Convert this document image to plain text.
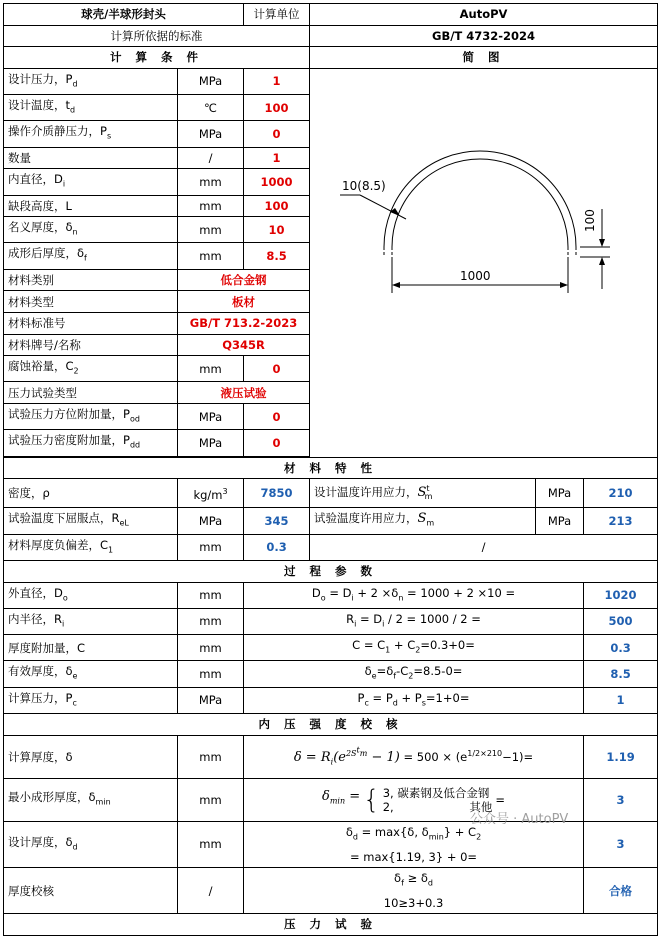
球壳/半球形封头		计算单位	AutoPV		
计算所依据的标准			GB/T 4732-2024		
计 算 条 件			简 图		
设计压力，$P_d$	MPa	1	10(8.5)
100
1000		

设计温度，$t_d$	℃	100			
操作介质静压力，$P_s$	MPa	0			
数量	/	1			
内直径，$D_i$	mm	1000			
缺段高度，L	mm	100			
名义厚度，$\delta_n$	mm	10			
成形后厚度，$\delta_f$	mm	8.5			
材料类别	低合金钢				
材料类型	板材				
材料标准号	GB/T 713.2-2023				
材料牌号/名称	Q345R				
腐蚀裕量，$C_2$	mm	0			
压力试验类型	液压试验				
试验压力方位附加量，$P_{od}$	MPa	0			
试验压力密度附加量，$P_{dd}$	MPa	0			

材 料 特 性					
密度，ρ	$kg/m^3$	7850	设计温度许用应力，$S^t_m$	MPa	210
试验温度下屈服点，$R_{eL}$	MPa	345	试验温度许用应力，$S_m$	MPa	213
材料厚度负偏差，$C_1$	mm	0.3	/		
过 程 参 数					
外直径，$D_o$	mm	$D_o = D_i + 2 \times\delta_n = 1000 + 2 \times 10$ =			1020
内半径，$R_i$	mm	$R_i = D_i / 2 = 1000 / 2$ =			500
厚度附加量，C	mm	$C = C_1 + C_2=0.3+0=$			0.3
有效厚度，$\delta_e$	mm	$\delta_e=\delta_f-C_2=8.5-0=$			8.5
计算压力，$P_c$	MPa	$P_c = P_d + P_s=1+0=$			1
内 压 强 度 校 核					
计算厚度，δ	mm	$\delta = R_i(e^{2S^tm} - 1) = 500 \times (e^{1/2\times 210}-1)=$			1.19
最小成形厚度，$\delta_{min}$	mm	$\delta_{min}$ = { 3, 碳素钢及低合金钢
2, 其他 =			3
设计厚度，$\delta_d$	mm	$\delta_d = \max\{\delta$, $\delta_{min}\} + C_2$
= max{1.19, 3} + 0=			3
厚度校核	/	$\delta_f \ge \delta_d$
10≥3+0.3			合格
压 力 试 验					
公众号 · AutoPV
